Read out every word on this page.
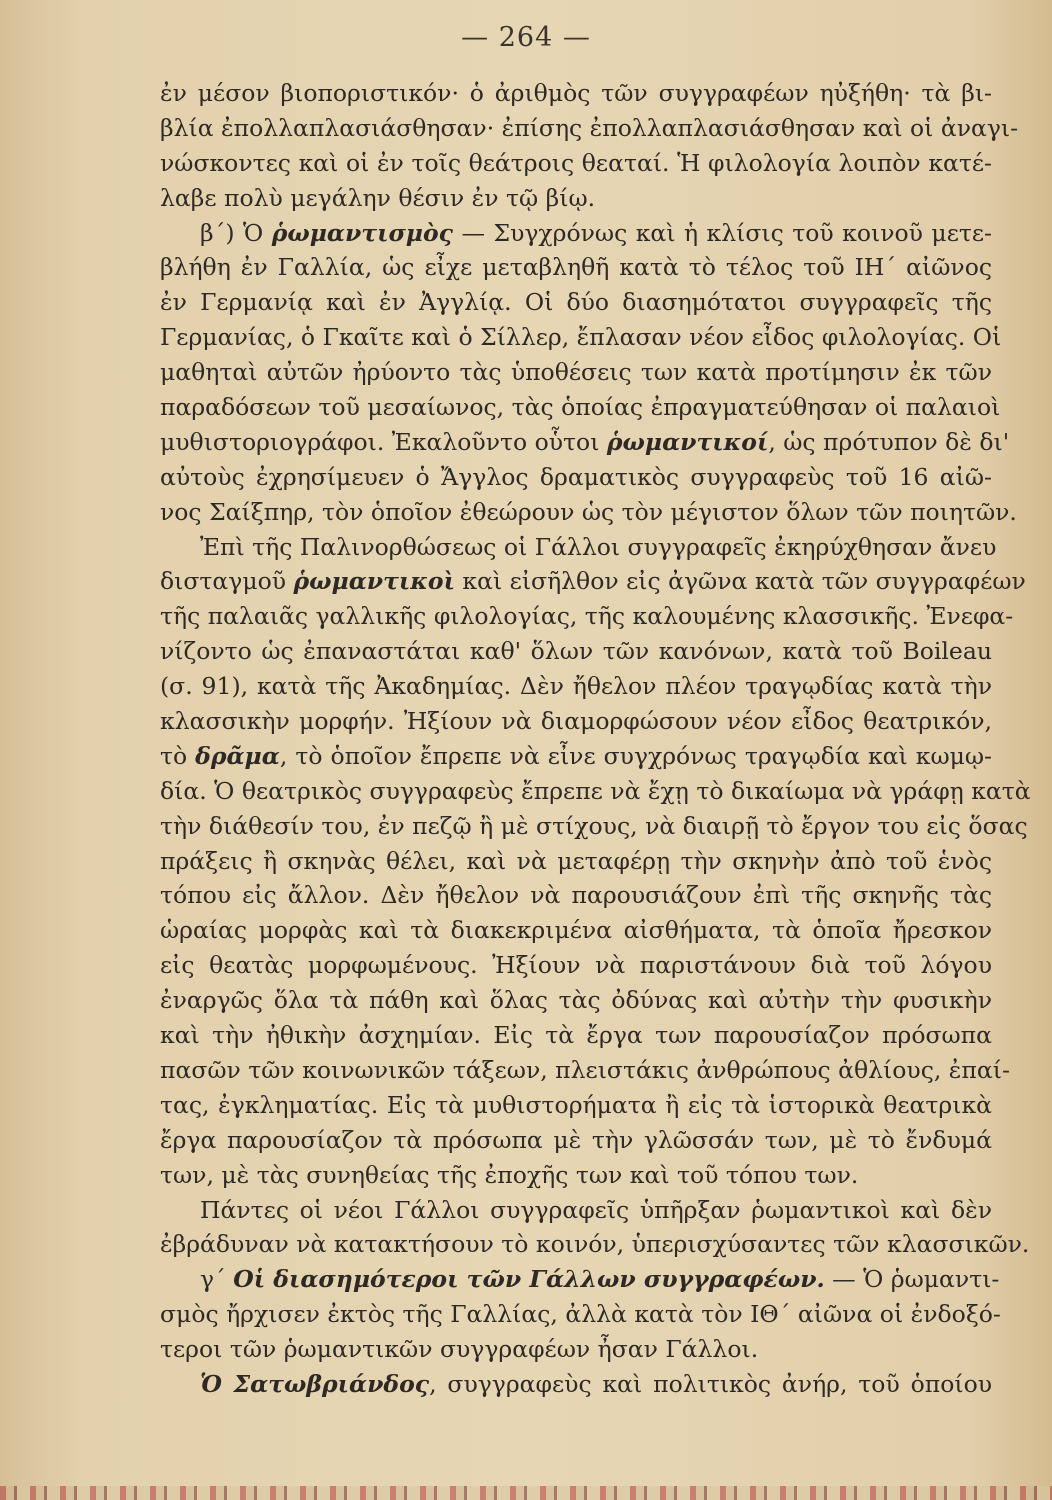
— 264 —
ἐν μέσον βιοποριστικόν· ὁ ἀριθμὸς τῶν συγγραφέων ηὐξήθη· τὰ βι-
βλία ἐπολλαπλασιάσθησαν· ἐπίσης ἐπολλαπλασιάσθησαν καὶ οἱ ἀναγι-
νώσκοντες καὶ οἱ ἐν τοῖς θεάτροις θεαταί. Ἡ φιλολογία λοιπὸν κατέ-
λαβε πολὺ μεγάλην θέσιν ἐν τῷ βίῳ.
β΄) Ὁ ῥωμαντισμὸς — Συγχρόνως καὶ ἡ κλίσις τοῦ κοινοῦ μετε-
βλήθη ἐν Γαλλία, ὡς εἶχε μεταβληθῆ κατὰ τὸ τέλος τοῦ ΙΗ΄ αἰῶνος
ἐν Γερμανίᾳ καὶ ἐν Ἀγγλίᾳ. Οἱ δύο διασημότατοι συγγραφεῖς τῆς
Γερμανίας, ὁ Γκαῖτε καὶ ὁ Σίλλερ, ἔπλασαν νέον εἶδος φιλολογίας. Οἱ
μαθηταὶ αὐτῶν ἠρύοντο τὰς ὑποθέσεις των κατὰ προτίμησιν ἐκ τῶν
παραδόσεων τοῦ μεσαίωνος, τὰς ὁποίας ἐπραγματεύθησαν οἱ παλαιοὶ
μυθιστοριογράφοι. Ἐκαλοῦντο οὗτοι ῥωμαντικοί, ὡς πρότυπον δὲ δι'
αὐτοὺς ἐχρησίμευεν ὁ Ἄγγλος δραματικὸς συγγραφεὺς τοῦ 16 αἰῶ-
νος Σαίξπηρ, τὸν ὁποῖον ἐθεώρουν ὡς τὸν μέγιστον ὅλων τῶν ποιητῶν.
Ἐπὶ τῆς Παλινορθώσεως οἱ Γάλλοι συγγραφεῖς ἐκηρύχθησαν ἄνευ
δισταγμοῦ ῥωμαντικοὶ καὶ εἰσῆλθον εἰς ἀγῶνα κατὰ τῶν συγγραφέων
τῆς παλαιᾶς γαλλικῆς φιλολογίας, τῆς καλουμένης κλασσικῆς. Ἐνεφα-
νίζοντο ὡς ἐπαναστάται καθ' ὅλων τῶν κανόνων, κατὰ τοῦ Boileau
(σ. 91), κατὰ τῆς Ἀκαδημίας. Δὲν ἤθελον πλέον τραγῳδίας κατὰ τὴν
κλασσικὴν μορφήν. Ἠξίουν νὰ διαμορφώσουν νέον εἶδος θεατρικόν,
τὸ δρᾶμα, τὸ ὁποῖον ἔπρεπε νὰ εἶνε συγχρόνως τραγῳδία καὶ κωμῳ-
δία. Ὁ θεατρικὸς συγγραφεὺς ἔπρεπε νὰ ἔχῃ τὸ δικαίωμα νὰ γράφῃ κατὰ
τὴν διάθεσίν του, ἐν πεζῷ ἢ μὲ στίχους, νὰ διαιρῇ τὸ ἔργον του εἰς ὅσας
πράξεις ἢ σκηνὰς θέλει, καὶ νὰ μεταφέρῃ τὴν σκηνὴν ἀπὸ τοῦ ἑνὸς
τόπου εἰς ἄλλον. Δὲν ἤθελον νὰ παρουσιάζουν ἐπὶ τῆς σκηνῆς τὰς
ὡραίας μορφὰς καὶ τὰ διακεκριμένα αἰσθήματα, τὰ ὁποῖα ἤρεσκον
εἰς θεατὰς μορφωμένους. Ἠξίουν νὰ παριστάνουν διὰ τοῦ λόγου
ἐναργῶς ὅλα τὰ πάθη καὶ ὅλας τὰς ὀδύνας καὶ αὐτὴν τὴν φυσικὴν
καὶ τὴν ἠθικὴν ἀσχημίαν. Εἰς τὰ ἔργα των παρουσίαζον πρόσωπα
πασῶν τῶν κοινωνικῶν τάξεων, πλειστάκις ἀνθρώπους ἀθλίους, ἐπαί-
τας, ἐγκληματίας. Εἰς τὰ μυθιστορήματα ἢ εἰς τὰ ἱστορικὰ θεατρικὰ
ἔργα παρουσίαζον τὰ πρόσωπα μὲ τὴν γλῶσσάν των, μὲ τὸ ἔνδυμά
των, μὲ τὰς συνηθείας τῆς ἐποχῆς των καὶ τοῦ τόπου των.
Πάντες οἱ νέοι Γάλλοι συγγραφεῖς ὑπῆρξαν ῥωμαντικοὶ καὶ δὲν
ἐβράδυναν νὰ κατακτήσουν τὸ κοινόν, ὑπερισχύσαντες τῶν κλασσικῶν.
γ΄ Οἱ διασημότεροι τῶν Γάλλων συγγραφέων. — Ὁ ῥωμαντι-
σμὸς ἤρχισεν ἐκτὸς τῆς Γαλλίας, ἀλλὰ κατὰ τὸν ΙΘ΄ αἰῶνα οἱ ἐνδοξό-
τεροι τῶν ῥωμαντικῶν συγγραφέων ἦσαν Γάλλοι.
Ὁ Σατωβριάνδος, συγγραφεὺς καὶ πολιτικὸς ἀνήρ, τοῦ ὁποίου
